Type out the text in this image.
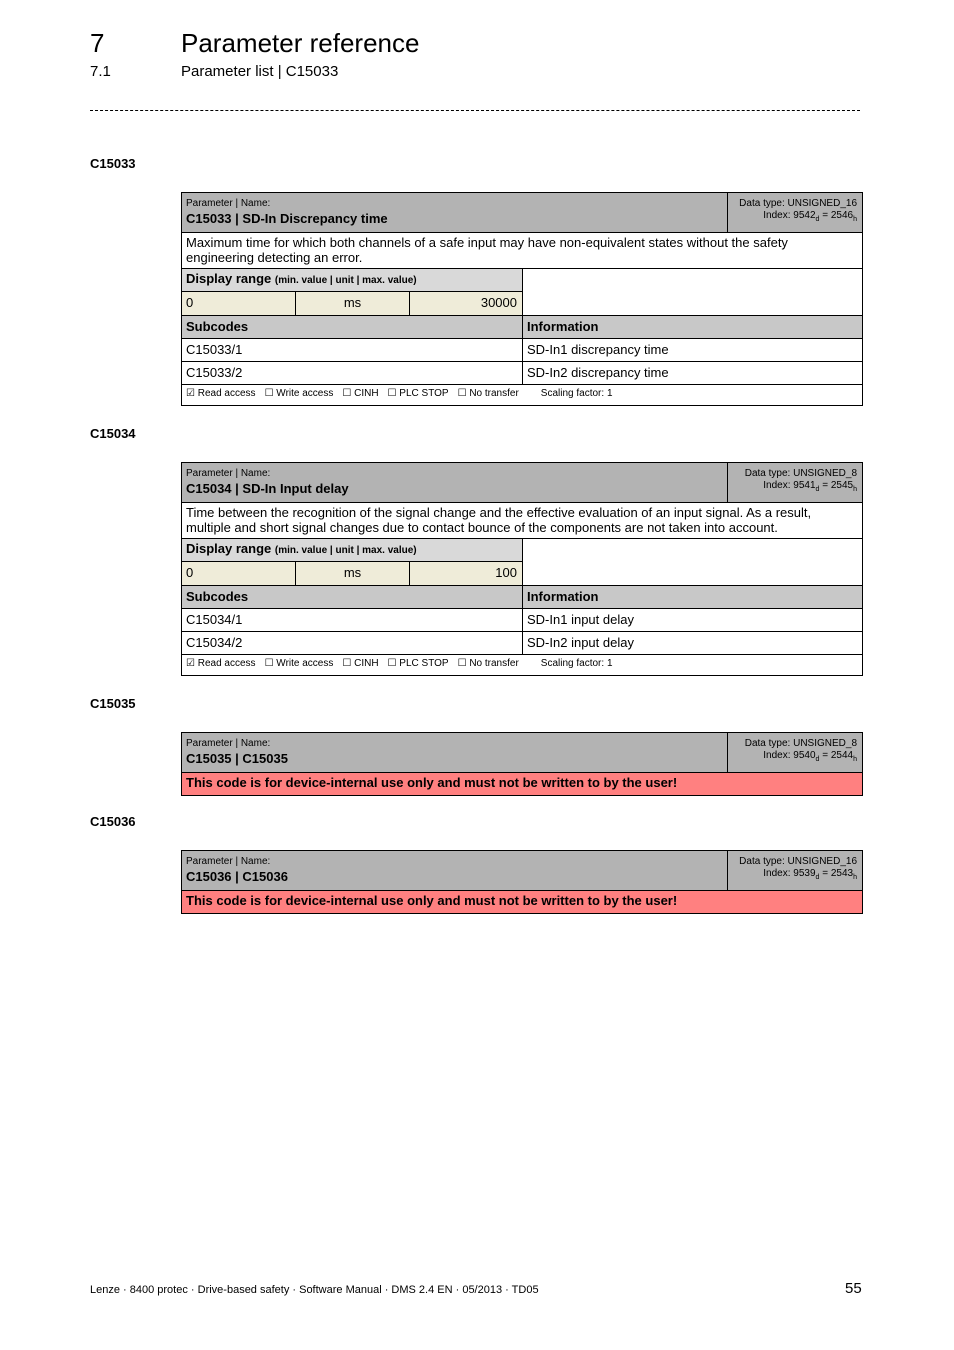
7	Parameter reference
7.1	Parameter list | C15033
C15033
Parameter | Name:
C15033 | SD-In Discrepancy time
Data type: UNSIGNED_16
Index: $9542_d = 2546_h$
Maximum time for which both channels of a safe input may have non-equivalent states without the safety engineering detecting an error.
Display range (min. value | unit | max. value)
0	ms	30000
Subcodes	Information
C15033/1	SD-In1 discrepancy time
C15033/2	SD-In2 discrepancy time
☑ Read access ☐ Write access ☐ CINH ☐ PLC STOP ☐ No transfer Scaling factor: 1
C15034
Parameter | Name:
C15034 | SD-In Input delay
Data type: UNSIGNED_8
Index: $9541_d = 2545_h$
Time between the recognition of the signal change and the effective evaluation of an input signal. As a result, multiple and short signal changes due to contact bounce of the components are not taken into account.
Display range (min. value | unit | max. value)
0	ms	100
Subcodes	Information
C15034/1	SD-In1 input delay
C15034/2	SD-In2 input delay
☑ Read access ☐ Write access ☐ CINH ☐ PLC STOP ☐ No transfer Scaling factor: 1
C15035
Parameter | Name:
C15035 | C15035
Data type: UNSIGNED_8
Index: $9540_d = 2544_h$
This code is for device-internal use only and must not be written to by the user!
C15036
Parameter | Name:
C15036 | C15036
Data type: UNSIGNED_16
Index: $9539_d = 2543_h$
This code is for device-internal use only and must not be written to by the user!
Lenze · 8400 protec · Drive-based safety · Software Manual · DMS 2.4 EN · 05/2013 · TD05	55
